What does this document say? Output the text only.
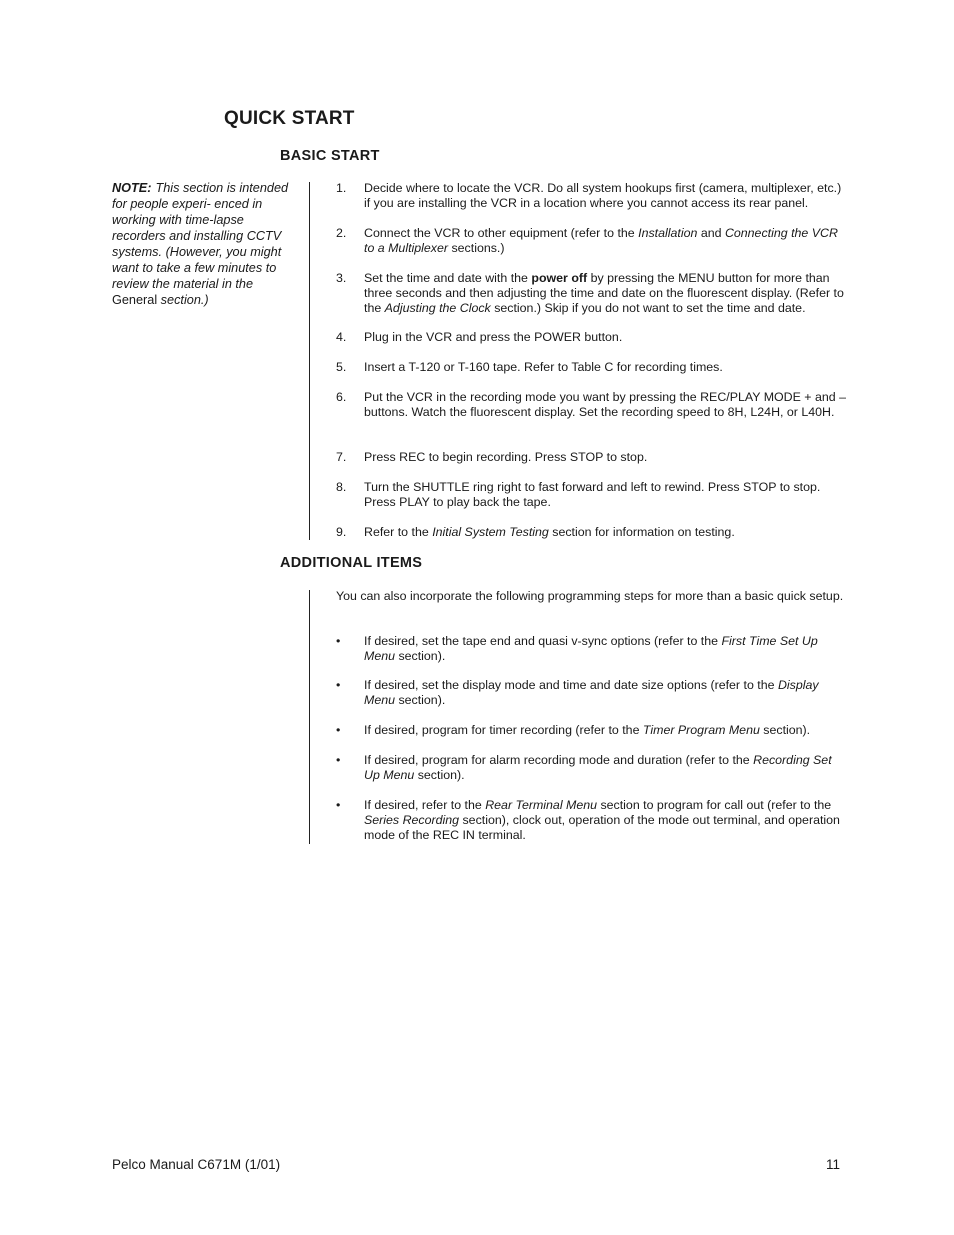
QUICK START
BASIC START
NOTE: This section is intended for people experi- enced in working with time-lapse recorders and installing CCTV systems. (However, you might want to take a few minutes to review the material in the General section.)
1.	Decide where to locate the VCR. Do all system hookups first (camera, multiplexer, etc.) if you are installing the VCR in a location where you cannot access its rear panel.
2.	Connect the VCR to other equipment (refer to the Installation and Connecting the VCR to a Multiplexer sections.)
3.	Set the time and date with the power off by pressing the MENU button for more than three seconds and then adjusting the time and date on the fluorescent display. (Refer to the Adjusting the Clock section.) Skip if you do not want to set the time and date.
4.	Plug in the VCR and press the POWER button.
5.	Insert a T-120 or T-160 tape. Refer to Table C for recording times.
6.	Put the VCR in the recording mode you want by pressing the REC/PLAY MODE + and – buttons. Watch the fluorescent display. Set the recording speed to 8H, L24H, or L40H.
7.	Press REC to begin recording. Press STOP to stop.
8.	Turn the SHUTTLE ring right to fast forward and left to rewind. Press STOP to stop. Press PLAY to play back the tape.
9.	Refer to the Initial System Testing section for information on testing.
ADDITIONAL ITEMS
You can also incorporate the following programming steps for more than a basic quick setup.
•	If desired, set the tape end and quasi v-sync options (refer to the First Time Set Up Menu section).
•	If desired, set the display mode and time and date size options (refer to the Display Menu section).
•	If desired, program for timer recording (refer to the Timer Program Menu section).
•	If desired, program for alarm recording mode and duration (refer to the Recording Set Up Menu section).
•	If desired, refer to the Rear Terminal Menu section to program for call out (refer to the Series Recording section), clock out, operation of the mode out terminal, and operation mode of the REC IN terminal.
Pelco Manual C671M (1/01)	11
